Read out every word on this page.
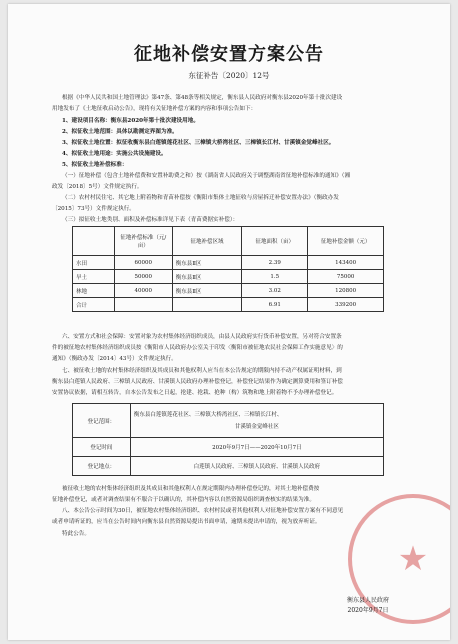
征地补偿安置方案公告
东征补告〔2020〕12号
根据《中华人民共和国土地管理法》第47条、第48条等相关规定，衡东县人民政府对衡东县2020年第十批次建设
用地发布了《土地征收启动公告》，现将有关征地补偿方案的内容和事项公告如下：
1、建设项目名称：衡东县2020年第十批次建设用地。
2、拟征收土地范围：具体以勘测定界图为准。
3、拟征收土地位置：拟征收衡东县白莲镇莲花社区、三樟镇大桥湾社区、三樟镇长江村、甘溪镇金觉峰社区。
4、拟征收土地用途：实施公共设施建设。
5、拟征收土地补偿标准：
（一）征地补偿（包含土地补偿费和安置补助费之和）按《湖南省人民政府关于调整湖南省征地补偿标准的通知》（湘
政发〔2018〕5号）文件规定执行。
（二）农村村民住宅、其它地上附着物和青苗补偿按《衡阳市集体土地征收与房屋拆迁补偿安置办法》（衡政办发
〔2015〕73号）文件规定执行。
（三）拟征收土地类别、面积及补偿标准详见下表（青苗费据实补偿）：
	征地补偿标准（元/亩）	征地补偿区域	征地面积（亩）	征地补偿金额（元）
水田	60000	衡东县Ⅱ区	2.39	143400
旱土	50000	衡东县Ⅱ区	1.5	75000
林地	40000	衡东县Ⅱ区	3.02	120800
合计			6.91	339200
六、安置方式和社会保障：安置对象为农村集体经济组织成员，由县人民政府实行货币补偿安置，另对符合安置条
件的被征地农村集体经济组织成员按《衡阳市人民政府办公室关于印发〈衡阳市被征地农民社会保障工作实施意见〉的
通知》（衡政办发〔2014〕43号）文件规定执行。
七、被征收土地的农村集体经济组织及其成员和其他权利人应当在本公告规定的期限内持不动产权属证明材料，到
衡东县白莲镇人民政府、三樟镇人民政府、甘溪镇人民政府办理补偿登记，补偿登记结果作为确定测算费用和签订补偿
安置协议依据，请相互转告，自本公告发布之日起，抢建、抢栽、抢种（构）筑物和地上附着物不予办理补偿登记。
登记范围：	衡东县白莲镇莲花社区、三樟镇大桥湾社区、三樟镇长江村、
甘溪镇金觉峰社区

登记时间	2020年9月7日——2020年10月7日
登记地点：	白莲镇人民政府、三樟镇人民政府、甘溪镇人民政府
被征收土地的农村集体经济组织及其成员和其他权利人在规定期限内办理补偿登记的，对其土地补偿费按
征地补偿登记，或者对调查结果有不服合于以确认的，其补偿内容以自然资源局组织调查核实的结果为准。
八、本公告公示时间为30日，被征地农村集体经济组织、农村村民或者其他权利人对征地补偿安置方案有不同意见
或者申请听证的，应当在公告时间内向衡东县自然资源局提出书面申请，逾期未提出申请的，视为放弃听证。
特此公告。
★
衡东县人民政府
2020年9月7日
